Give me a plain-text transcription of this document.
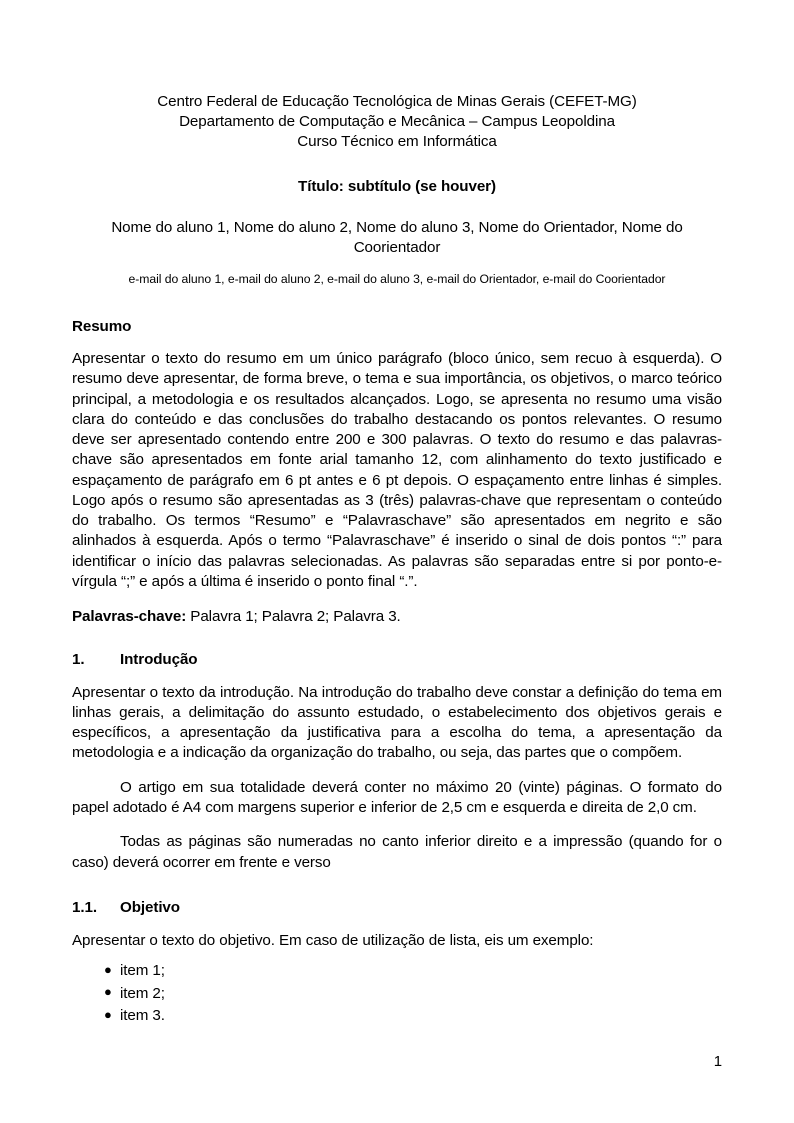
Centro Federal de Educação Tecnológica de Minas Gerais (CEFET-MG)
Departamento de Computação e Mecânica – Campus Leopoldina
Curso Técnico em Informática
Título: subtítulo (se houver)
Nome do aluno 1, Nome do aluno 2, Nome do aluno 3, Nome do Orientador, Nome do Coorientador
e-mail do aluno 1, e-mail do aluno 2, e-mail do aluno 3, e-mail do Orientador, e-mail do Coorientador
Resumo
Apresentar o texto do resumo em um único parágrafo (bloco único, sem recuo à esquerda). O resumo deve apresentar, de forma breve, o tema e sua importância, os objetivos, o marco teórico principal, a metodologia e os resultados alcançados. Logo, se apresenta no resumo uma visão clara do conteúdo e das conclusões do trabalho destacando os pontos relevantes. O resumo deve ser apresentado contendo entre 200 e 300 palavras. O texto do resumo e das palavras-chave são apresentados em fonte arial tamanho 12, com alinhamento do texto justificado e espaçamento de parágrafo em 6 pt antes e 6 pt depois. O espaçamento entre linhas é simples. Logo após o resumo são apresentadas as 3 (três) palavras-chave que representam o conteúdo do trabalho. Os termos “Resumo” e “Palavraschave” são apresentados em negrito e são alinhados à esquerda. Após o termo “Palavraschave” é inserido o sinal de dois pontos “:” para identificar o início das palavras selecionadas. As palavras são separadas entre si por ponto-e-vírgula “;” e após a última é inserido o ponto final “.”.
Palavras-chave: Palavra 1; Palavra 2; Palavra 3.
1.	Introdução
Apresentar o texto da introdução. Na introdução do trabalho deve constar a definição do tema em linhas gerais, a delimitação do assunto estudado, o estabelecimento dos objetivos gerais e específicos, a apresentação da justificativa para a escolha do tema, a apresentação da metodologia e a indicação da organização do trabalho, ou seja, das partes que o compõem.
O artigo em sua totalidade deverá conter no máximo 20 (vinte) páginas. O formato do papel adotado é A4 com margens superior e inferior de 2,5 cm e esquerda e direita de 2,0 cm.
Todas as páginas são numeradas no canto inferior direito e a impressão (quando for o caso) deverá ocorrer em frente e verso
1.1.	Objetivo
Apresentar o texto do objetivo. Em caso de utilização de lista, eis um exemplo:
● item 1;
● item 2;
● item 3.
1
